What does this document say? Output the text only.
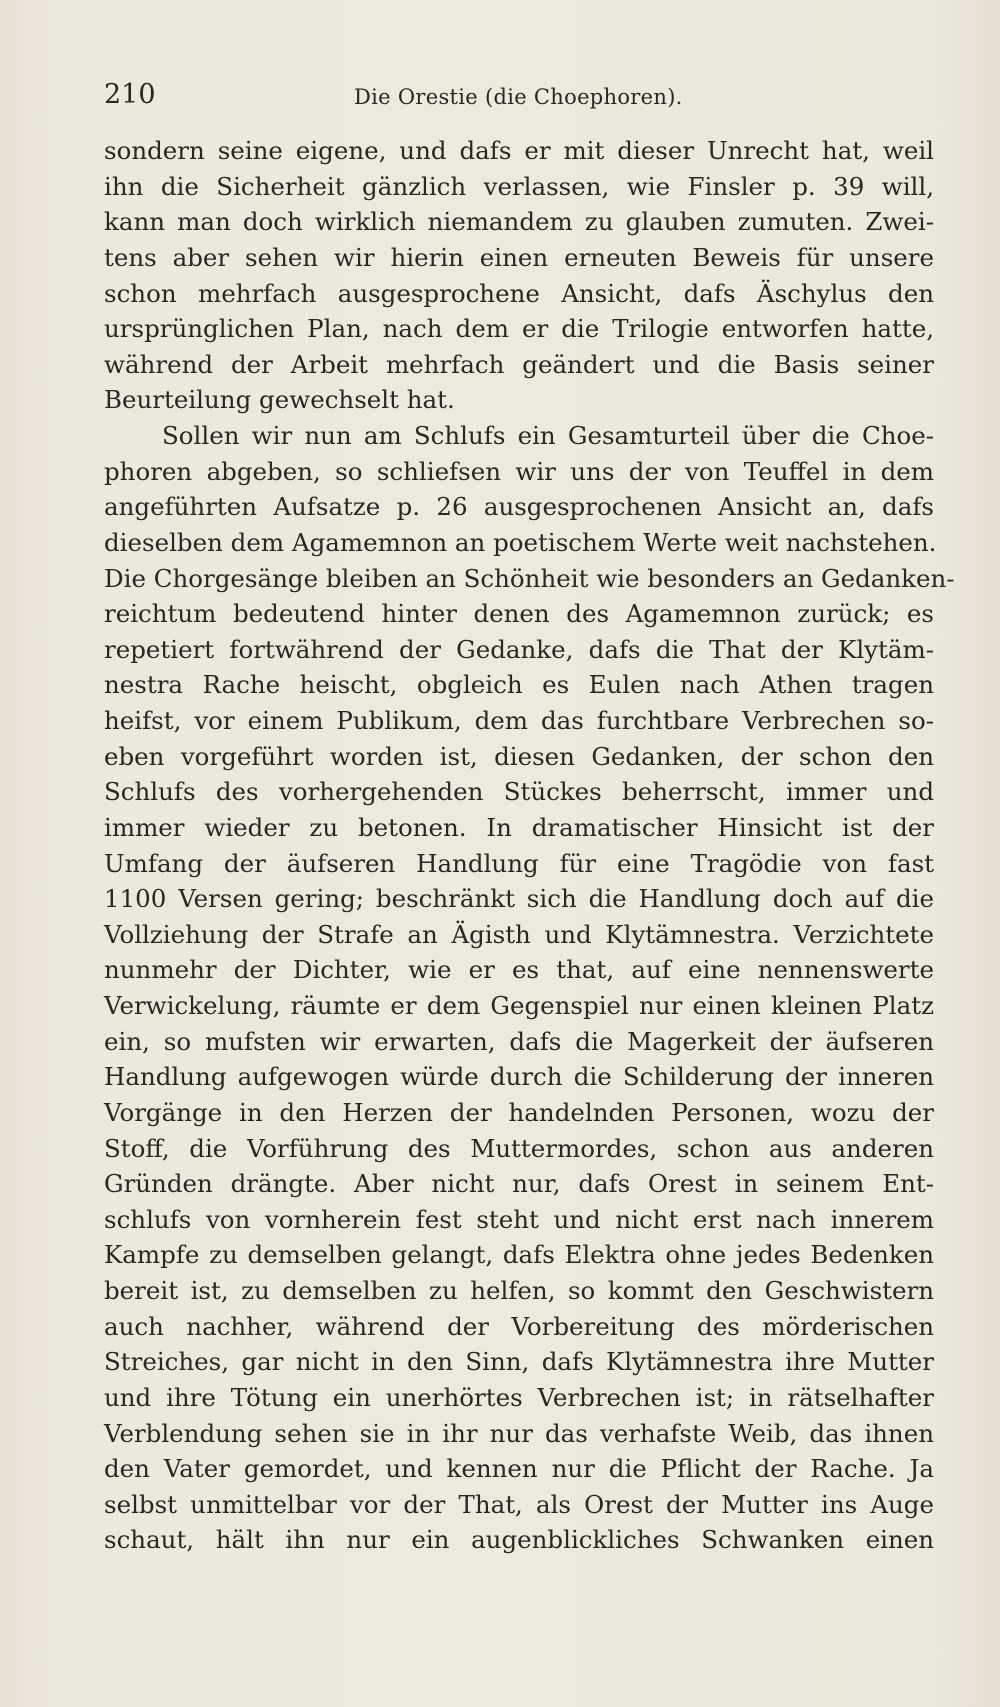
210	Die Orestie (die Choephoren).
sondern seine eigene, und dafs er mit dieser Unrecht hat, weil
ihn die Sicherheit gänzlich verlassen, wie Finsler p. 39 will,
kann man doch wirklich niemandem zu glauben zumuten. Zwei-
tens aber sehen wir hierin einen erneuten Beweis für unsere
schon mehrfach ausgesprochene Ansicht, dafs Äschylus den
ursprünglichen Plan, nach dem er die Trilogie entworfen hatte,
während der Arbeit mehrfach geändert und die Basis seiner
Beurteilung gewechselt hat.
Sollen wir nun am Schlufs ein Gesamturteil über die Choe-
phoren abgeben, so schliefsen wir uns der von Teuffel in dem
angeführten Aufsatze p. 26 ausgesprochenen Ansicht an, dafs
dieselben dem Agamemnon an poetischem Werte weit nachstehen.
Die Chorgesänge bleiben an Schönheit wie besonders an Gedanken-
reichtum bedeutend hinter denen des Agamemnon zurück; es
repetiert fortwährend der Gedanke, dafs die That der Klytäm-
nestra Rache heischt, obgleich es Eulen nach Athen tragen
heifst, vor einem Publikum, dem das furchtbare Verbrechen so-
eben vorgeführt worden ist, diesen Gedanken, der schon den
Schlufs des vorhergehenden Stückes beherrscht, immer und
immer wieder zu betonen. In dramatischer Hinsicht ist der
Umfang der äufseren Handlung für eine Tragödie von fast
1100 Versen gering; beschränkt sich die Handlung doch auf die
Vollziehung der Strafe an Ägisth und Klytämnestra. Verzichtete
nunmehr der Dichter, wie er es that, auf eine nennenswerte
Verwickelung, räumte er dem Gegenspiel nur einen kleinen Platz
ein, so mufsten wir erwarten, dafs die Magerkeit der äufseren
Handlung aufgewogen würde durch die Schilderung der inneren
Vorgänge in den Herzen der handelnden Personen, wozu der
Stoff, die Vorführung des Muttermordes, schon aus anderen
Gründen drängte. Aber nicht nur, dafs Orest in seinem Ent-
schlufs von vornherein fest steht und nicht erst nach innerem
Kampfe zu demselben gelangt, dafs Elektra ohne jedes Bedenken
bereit ist, zu demselben zu helfen, so kommt den Geschwistern
auch nachher, während der Vorbereitung des mörderischen
Streiches, gar nicht in den Sinn, dafs Klytämnestra ihre Mutter
und ihre Tötung ein unerhörtes Verbrechen ist; in rätselhafter
Verblendung sehen sie in ihr nur das verhafste Weib, das ihnen
den Vater gemordet, und kennen nur die Pflicht der Rache. Ja
selbst unmittelbar vor der That, als Orest der Mutter ins Auge
schaut, hält ihn nur ein augenblickliches Schwanken einen
